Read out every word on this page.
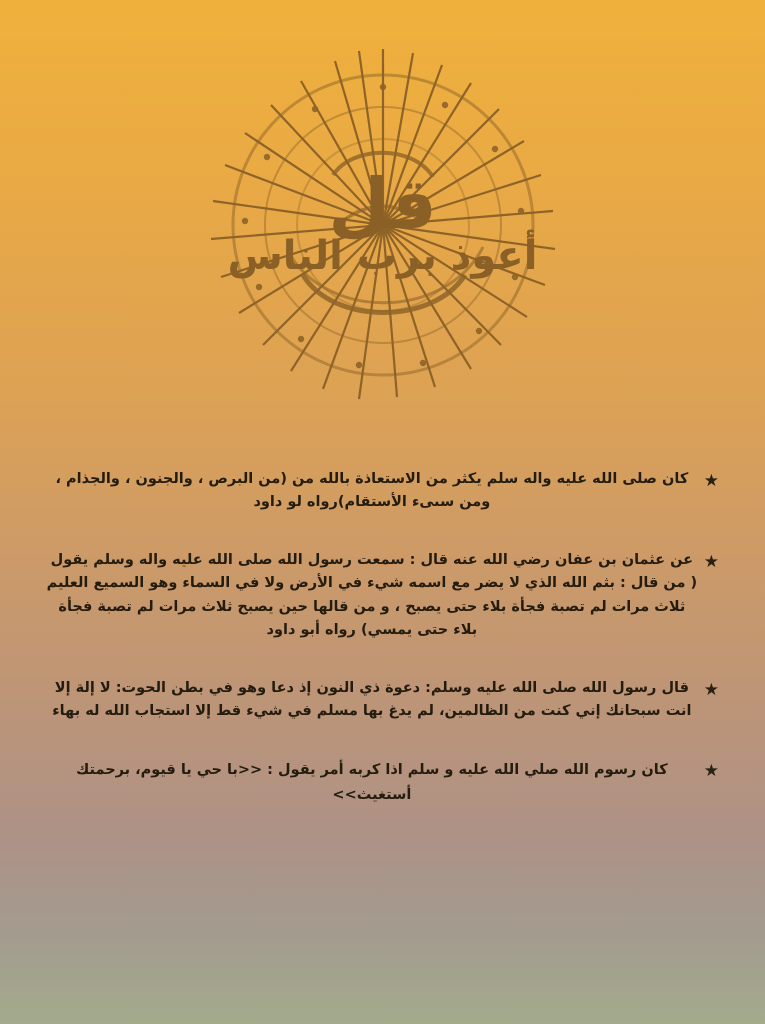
قل
أعوذ برب الناس
★
كان صلى الله عليه واله سلم يكثر من الاستعاذة بالله من (من البرص ، والجنون ، والجذام ، ومن سىىء الأستقام)رواه لو داود
★
عن عثمان بن عفان رضي الله عنه قال : سمعت رسول الله صلى الله عليه واله وسلم يقول ( من قال : بثم الله الذي لا يضر مع اسمه شيء في الأرض ولا في السماء وهو السميع العليم ثلاث مرات لم تصبة فجأة بلاء حتى يصبح ، و من قالها حين يصبح ثلاث مرات لم تصبة فجأة بلاء حتى يمسي) رواه أبو داود
★
قال رسول الله صلى الله عليه وسلم: دعوة ذي النون إذ دعا وهو في بطن الحوت: لا إلة إلا انت سبحانك إني كنت من الظالمين، لم يدغ بها مسلم في شيء قط إلا استجاب الله له بهاء
★
كان رسوم الله صلي الله عليه و سلم اذا كربه أمر يقول : <<با حي يا قيوم، برحمتك أستغيث>>
